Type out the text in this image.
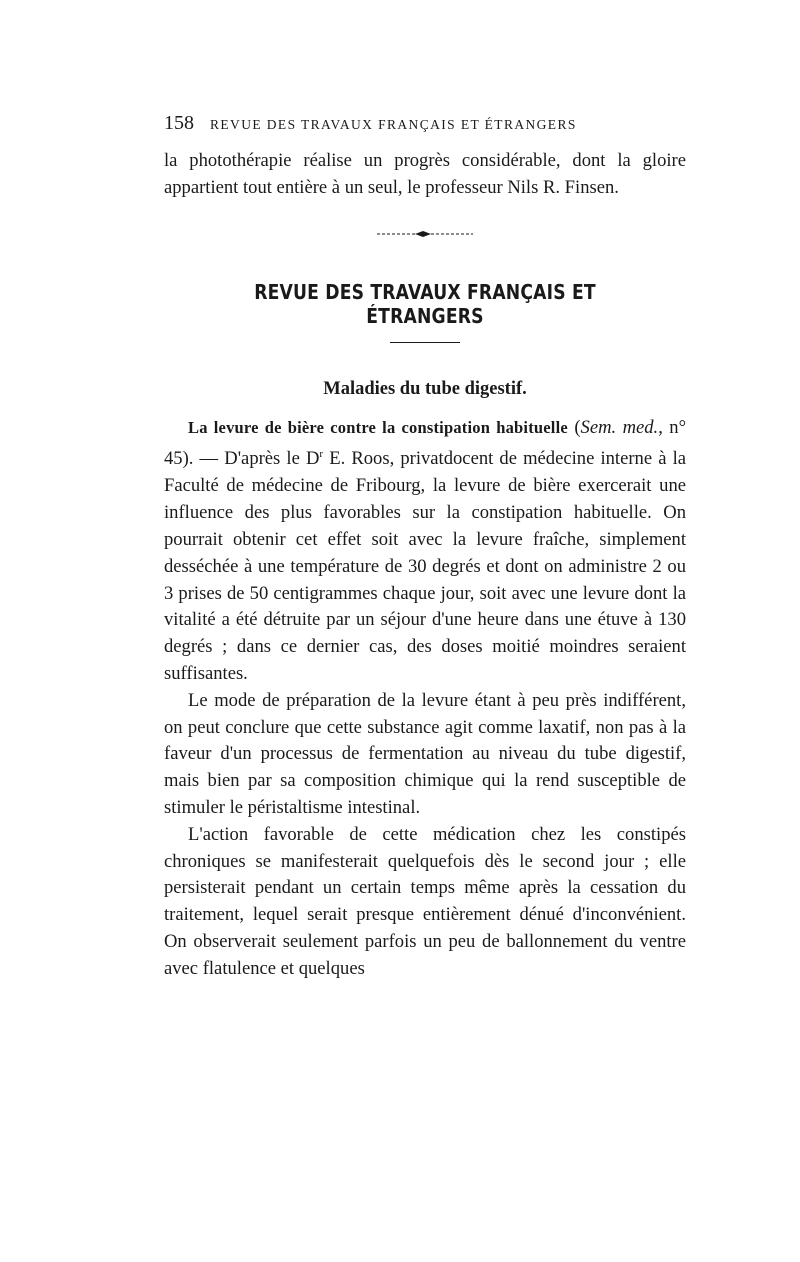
158	REVUE DES TRAVAUX FRANÇAIS ET ÉTRANGERS

la photothérapie réalise un progrès considérable, dont la gloire appartient tout entière à un seul, le professeur Nils R. Finsen.

REVUE DES TRAVAUX FRANÇAIS ET ÉTRANGERS
Maladies du tube digestif.

La levure de bière contre la constipation habituelle (Sem. med., n° 45). — D'après le $D^r$ E. Roos, privatdocent de médecine interne à la Faculté de médecine de Fribourg, la levure de bière exercerait une influence des plus favorables sur la constipation habituelle. On pourrait obtenir cet effet soit avec la levure fraîche, simplement desséchée à une température de 30 degrés et dont on administre 2 ou 3 prises de 50 centigrammes chaque jour, soit avec une levure dont la vitalité a été détruite par un séjour d'une heure dans une étuve à 130 degrés ; dans ce dernier cas, des doses moitié moindres seraient suffisantes.

Le mode de préparation de la levure étant à peu près indifférent, on peut conclure que cette substance agit comme laxatif, non pas à la faveur d'un processus de fermentation au niveau du tube digestif, mais bien par sa composition chimique qui la rend susceptible de stimuler le péristaltisme intestinal.

L'action favorable de cette médication chez les constipés chroniques se manifesterait quelquefois dès le second jour ; elle persisterait pendant un certain temps même après la cessation du traitement, lequel serait presque entièrement dénué d'inconvénient. On observerait seulement parfois un peu de ballonnement du ventre avec flatulence et quelques
